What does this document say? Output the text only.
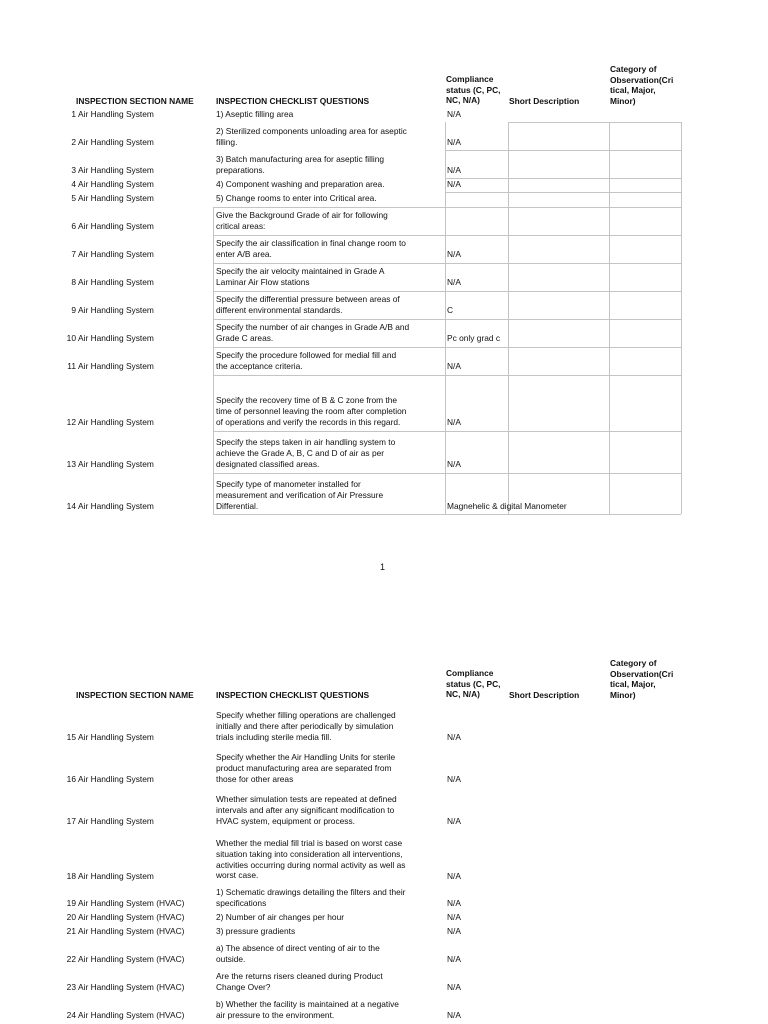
INSPECTION SECTION NAME	INSPECTION CHECKLIST QUESTIONS
Compliance
status (C, PC,
NC, N/A)	Short Description
Category of
Observation(Cri
tical, Major,
Minor)
1 Air Handling System	1) Aseptic filling area	N/A
2 Air Handling System
2) Sterilized components unloading area for aseptic
filling.	N/A
3 Air Handling System
3) Batch manufacturing area for aseptic filling
preparations.	N/A
4 Air Handling System	4) Component washing and preparation area.	N/A
5 Air Handling System	5) Change rooms to enter into Critical area.
6 Air Handling System
Give the Background Grade of air for following
critical areas:
7 Air Handling System
Specify the air classification in final change room to
enter A/B area.	N/A
8 Air Handling System
Specify the air velocity maintained in Grade A
Laminar Air Flow stations	N/A
9 Air Handling System
Specify the differential pressure between areas of
different environmental standards.	C
10 Air Handling System
Specify the number of air changes in Grade A/B and
Grade C areas.	Pc only grad c
11 Air Handling System
Specify the procedure followed for medial fill and
the acceptance criteria.	N/A
12 Air Handling System
Specify the recovery time of B & C zone from the
time of personnel leaving the room after completion
of operations and verify the records in this regard.	N/A
13 Air Handling System
Specify the steps taken in air handling system to
achieve the Grade A, B, C and D of air as per
designated classified areas.	N/A
14 Air Handling System
Specify type of manometer installed for
measurement and verification of Air Pressure
Differential.	Magnehelic & digital Manometer
1
INSPECTION SECTION NAME	INSPECTION CHECKLIST QUESTIONS
Compliance
status (C, PC,
NC, N/A)	Short Description
Category of
Observation(Cri
tical, Major,
Minor)
15 Air Handling System
Specify whether filling operations are challenged
initially and there after periodically by simulation
trials including sterile media fill.	N/A
16 Air Handling System
Specify whether the Air Handling Units for sterile
product manufacturing area are separated from
those for other areas	N/A
17 Air Handling System
Whether simulation tests are repeated at defined
intervals and after any significant modification to
HVAC system, equipment or process.	N/A
18 Air Handling System
Whether the medial fill trial is based on worst case
situation taking into consideration all interventions,
activities occurring during normal activity as well as
worst case.	N/A
19 Air Handling System (HVAC)
1) Schematic drawings detailing the filters and their
specifications	N/A
20 Air Handling System (HVAC)	2) Number of air changes per hour	N/A
21 Air Handling System (HVAC)	3) pressure gradients	N/A
22 Air Handling System (HVAC)
a) The absence of direct venting of air to the
outside.	N/A
23 Air Handling System (HVAC)
Are the returns risers cleaned during Product
Change Over?	N/A
24 Air Handling System (HVAC)
b) Whether the facility is maintained at a negative
air pressure to the environment.	N/A
